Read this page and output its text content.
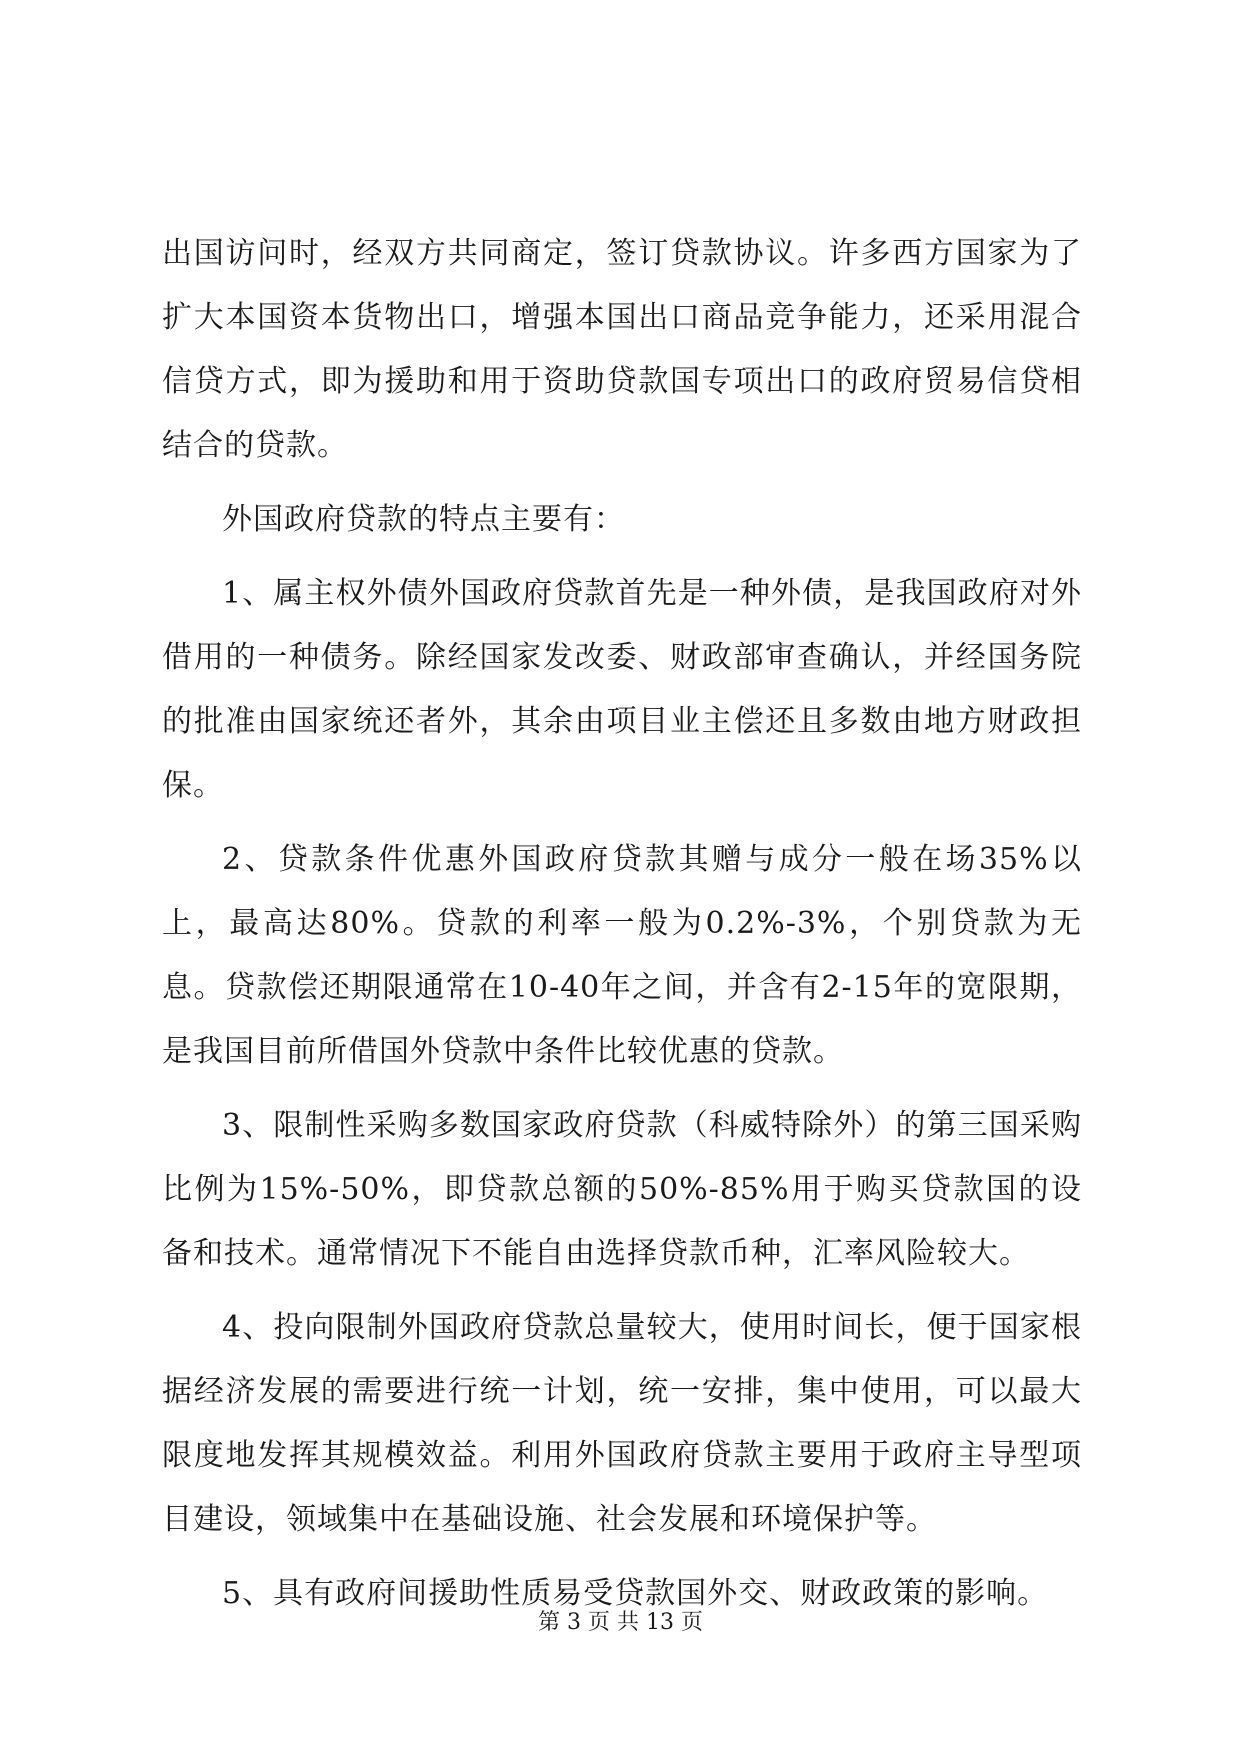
出国访问时，经双方共同商定，签订贷款协议。许多西方国家为了扩大本国资本货物出口，增强本国出口商品竞争能力，还采用混合信贷方式，即为援助和用于资助贷款国专项出口的政府贸易信贷相结合的贷款。

外国政府贷款的特点主要有：

1、属主权外债外国政府贷款首先是一种外债，是我国政府对外借用的一种债务。除经国家发改委、财政部审查确认，并经国务院的批准由国家统还者外，其余由项目业主偿还且多数由地方财政担保。

2、贷款条件优惠外国政府贷款其赠与成分一般在场35%以上，最高达80%。贷款的利率一般为0.2%-3%，个别贷款为无息。贷款偿还期限通常在10-40年之间，并含有2-15年的宽限期，是我国目前所借国外贷款中条件比较优惠的贷款。

3、限制性采购多数国家政府贷款（科威特除外）的第三国采购比例为15%-50%，即贷款总额的50%-85%用于购买贷款国的设备和技术。通常情况下不能自由选择贷款币种，汇率风险较大。

4、投向限制外国政府贷款总量较大，使用时间长，便于国家根据经济发展的需要进行统一计划，统一安排，集中使用，可以最大限度地发挥其规模效益。利用外国政府贷款主要用于政府主导型项目建设，领域集中在基础设施、社会发展和环境保护等。

5、具有政府间援助性质易受贷款国外交、财政政策的影响。

第 3 页 共 13 页
